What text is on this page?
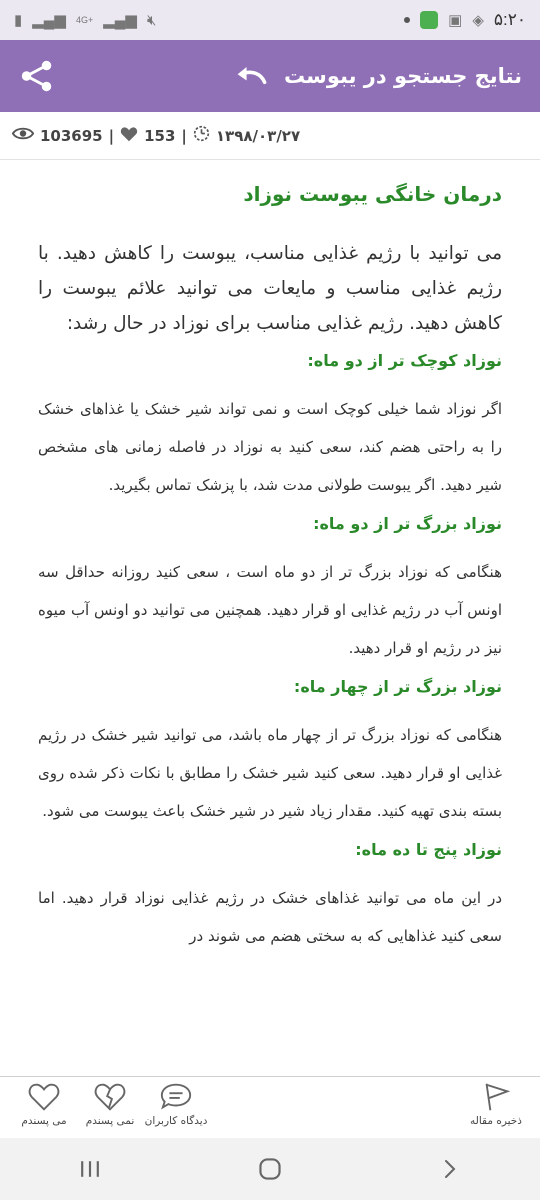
▮ ▂▄▆ 4G+ ▂▄▆ 🔇︎	▣ ◈ ۵:۲۰
نتایج جستجو در یبوست
103695 | 153 | ۱۳۹۸/۰۳/۲۷
درمان خانگی یبوست نوزاد

می توانید با رژیم غذایی مناسب، یبوست را کاهش دهید. با رژیم غذایی مناسب و مایعات می توانید علائم یبوست را کاهش دهید. رژیم غذایی مناسب برای نوزاد در حال رشد:

نوزاد کوچک تر از دو ماه:

اگر نوزاد شما خیلی کوچک است و نمی تواند شیر خشک یا غذاهای خشک را به راحتی هضم کند، سعی کنید به نوزاد در فاصله زمانی های مشخص شیر دهید. اگر یبوست طولانی مدت شد، با پزشک تماس بگیرید.

نوزاد بزرگ تر از دو ماه:

هنگامی که نوزاد بزرگ تر از دو ماه است ، سعی کنید روزانه حداقل سه اونس آب در رژیم غذایی او قرار دهید. همچنین می توانید دو اونس آب میوه نیز در رژیم او قرار دهید.

نوزاد بزرگ تر از چهار ماه:

هنگامی که نوزاد بزرگ تر از چهار ماه باشد، می توانید شیر خشک در رژیم غذایی او قرار دهید. سعی کنید شیر خشک را مطابق با نکات ذکر شده روی بسته بندی تهیه کنید. مقدار زیاد شیر در شیر خشک باعث یبوست می شود.

نوزاد پنج تا ده ماه:

در این ماه می توانید غذاهای خشک در رژیم غذایی نوزاد قرار دهید. اما سعی کنید غذاهایی که به سختی هضم می شوند در

می پسندم نمی پسندم دیدگاه کاربران	ذخیره مقاله
